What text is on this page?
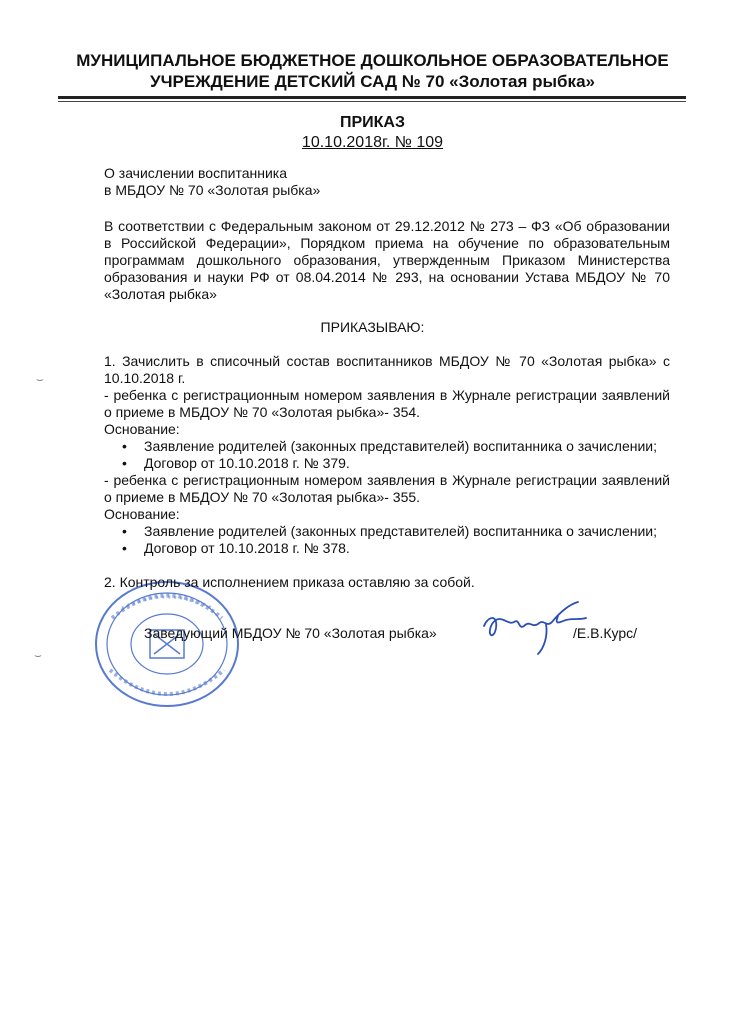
МУНИЦИПАЛЬНОЕ БЮДЖЕТНОЕ ДОШКОЛЬНОЕ ОБРАЗОВАТЕЛЬНОЕ
УЧРЕЖДЕНИЕ ДЕТСКИЙ САД № 70 «Золотая рыбка»
ПРИКАЗ
10.10.2018г. № 109
О зачислении воспитанника
в МБДОУ № 70 «Золотая рыбка»
В соответствии с Федеральным законом от 29.12.2012 № 273 – ФЗ «Об образовании в Российской Федерации», Порядком приема на обучение по образовательным программам дошкольного образования, утвержденным Приказом Министерства образования и науки РФ от 08.04.2014 № 293, на основании Устава МБДОУ № 70 «Золотая рыбка»
ПРИКАЗЫВАЮ:

1. Зачислить в списочный состав воспитанников МБДОУ № 70 «Золотая рыбка» с 10.10.2018 г.

- ребенка с регистрационным номером заявления в Журнале регистрации заявлений о приеме в МБДОУ № 70 «Золотая рыбка»- 354.

Основание:

• Заявление родителей (законных представителей) воспитанника о зачислении;
• Договор от 10.10.2018 г. № 379.

- ребенка с регистрационным номером заявления в Журнале регистрации заявлений о приеме в МБДОУ № 70 «Золотая рыбка»- 355.

Основание:

• Заявление родителей (законных представителей) воспитанника о зачислении;
• Договор от 10.10.2018 г. № 378.
2. Контроль за исполнением приказа оставляю за собой.
Заведующий МБДОУ № 70 «Золотая рыбка»	/Е.В.Курс/
⌣
⌣
